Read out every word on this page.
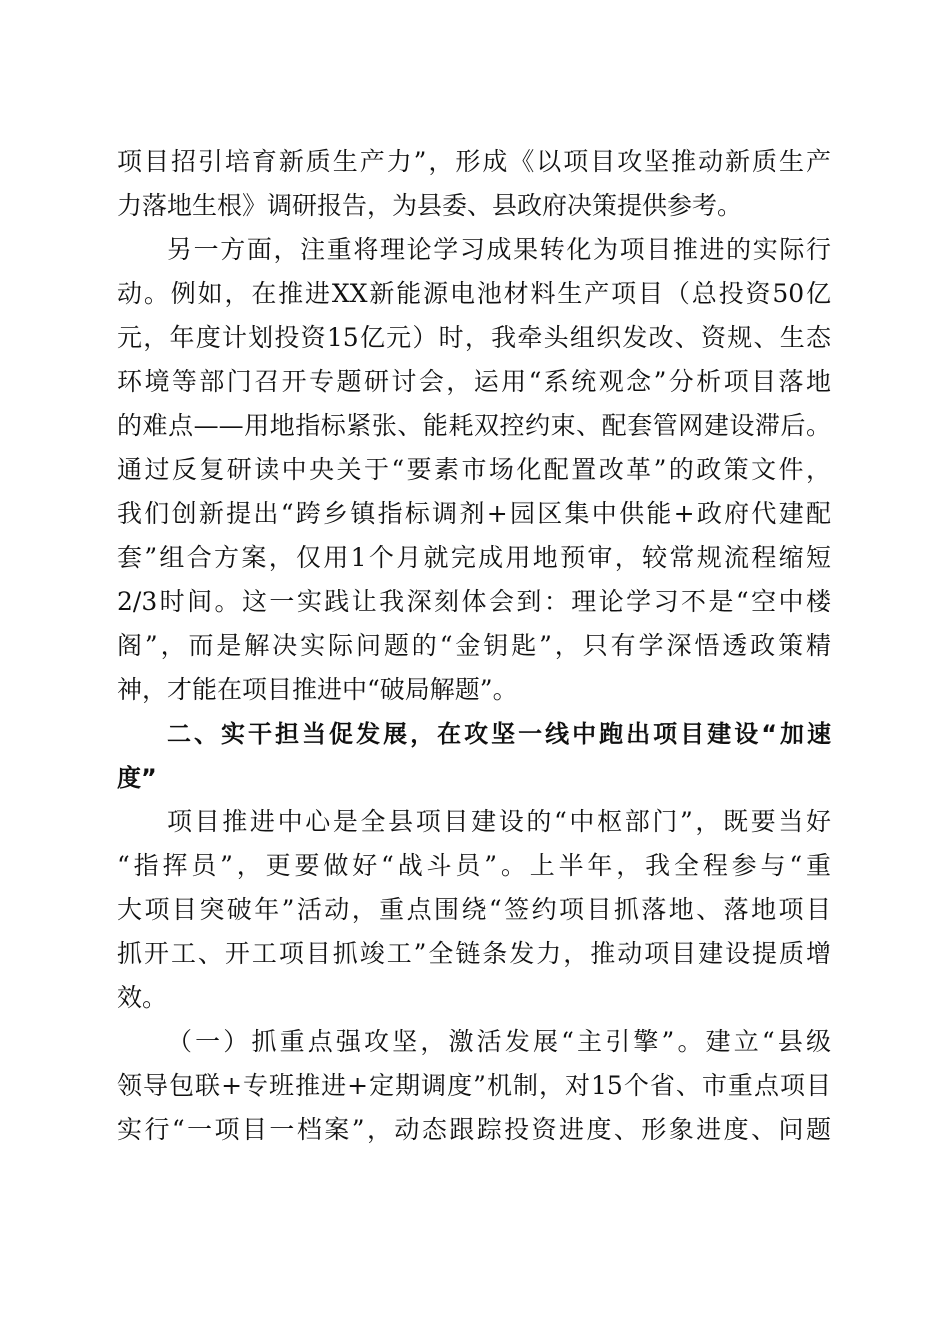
项目招引培育新质生产力”，形成《以项目攻坚推动新质生产
力落地生根》调研报告，为县委、县政府决策提供参考。

另一方面，注重将理论学习成果转化为项目推进的实际行
动。例如，在推进XX新能源电池材料生产项目（总投资50亿
元，年度计划投资15亿元）时，我牵头组织发改、资规、生态
环境等部门召开专题研讨会，运用“系统观念”分析项目落地
的难点——用地指标紧张、能耗双控约束、配套管网建设滞后。
通过反复研读中央关于“要素市场化配置改革”的政策文件，
我们创新提出“跨乡镇指标调剂+园区集中供能+政府代建配
套”组合方案，仅用1个月就完成用地预审，较常规流程缩短
2/3时间。这一实践让我深刻体会到：理论学习不是“空中楼
阁”，而是解决实际问题的“金钥匙”，只有学深悟透政策精
神，才能在项目推进中“破局解题”。

二、实干担当促发展，在攻坚一线中跑出项目建设“加速
度”

项目推进中心是全县项目建设的“中枢部门”，既要当好
“指挥员”，更要做好“战斗员”。上半年，我全程参与“重
大项目突破年”活动，重点围绕“签约项目抓落地、落地项目
抓开工、开工项目抓竣工”全链条发力，推动项目建设提质增
效。

（一）抓重点强攻坚，激活发展“主引擎”。建立“县级
领导包联+专班推进+定期调度”机制，对15个省、市重点项目
实行“一项目一档案”，动态跟踪投资进度、形象进度、问题
